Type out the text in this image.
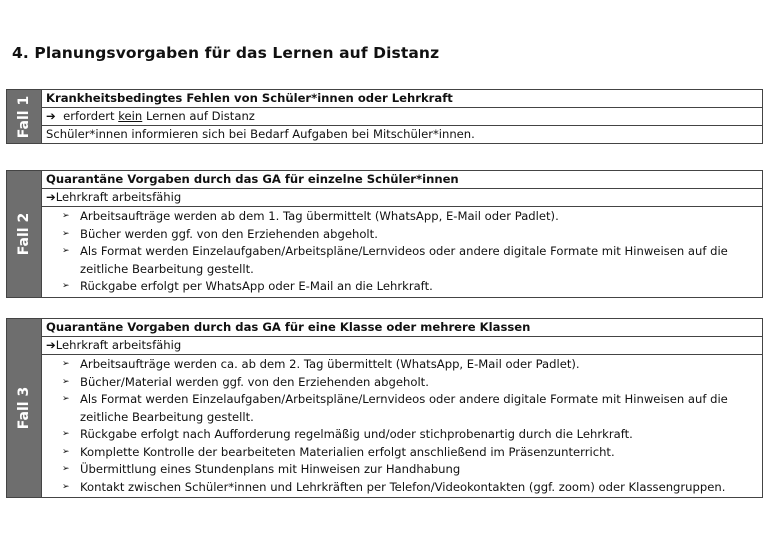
4. Planungsvorgaben für das Lernen auf Distanz
Fall 1	Krankheitsbedingtes Fehlen von Schüler*innen oder Lehrkraft
➔ erfordert kein Lernen auf Distanz
Schüler*innen informieren sich bei Bedarf Aufgaben bei Mitschüler*innen.
Fall 2
Quarantäne Vorgaben durch das GA für einzelne Schüler*innen
➔Lehrkraft arbeitsfähig
➢ Arbeitsaufträge werden ab dem 1. Tag übermittelt (WhatsApp, E-Mail oder Padlet).
➢ Bücher werden ggf. von den Erziehenden abgeholt.
➢ Als Format werden Einzelaufgaben/Arbeitspläne/Lernvideos oder andere digitale Formate mit Hinweisen auf die zeitliche Bearbeitung gestellt.
➢ Rückgabe erfolgt per WhatsApp oder E-Mail an die Lehrkraft.
Fall 3
Quarantäne Vorgaben durch das GA für eine Klasse oder mehrere Klassen
➔Lehrkraft arbeitsfähig
➢ Arbeitsaufträge werden ca. ab dem 2. Tag übermittelt (WhatsApp, E-Mail oder Padlet).
➢ Bücher/Material werden ggf. von den Erziehenden abgeholt.
➢ Als Format werden Einzelaufgaben/Arbeitspläne/Lernvideos oder andere digitale Formate mit Hinweisen auf die zeitliche Bearbeitung gestellt.
➢ Rückgabe erfolgt nach Aufforderung regelmäßig und/oder stichprobenartig durch die Lehrkraft.
➢ Komplette Kontrolle der bearbeiteten Materialien erfolgt anschließend im Präsenzunterricht.
➢ Übermittlung eines Stundenplans mit Hinweisen zur Handhabung
➢ Kontakt zwischen Schüler*innen und Lehrkräften per Telefon/Videokontakten (ggf. zoom) oder Klassengruppen.
